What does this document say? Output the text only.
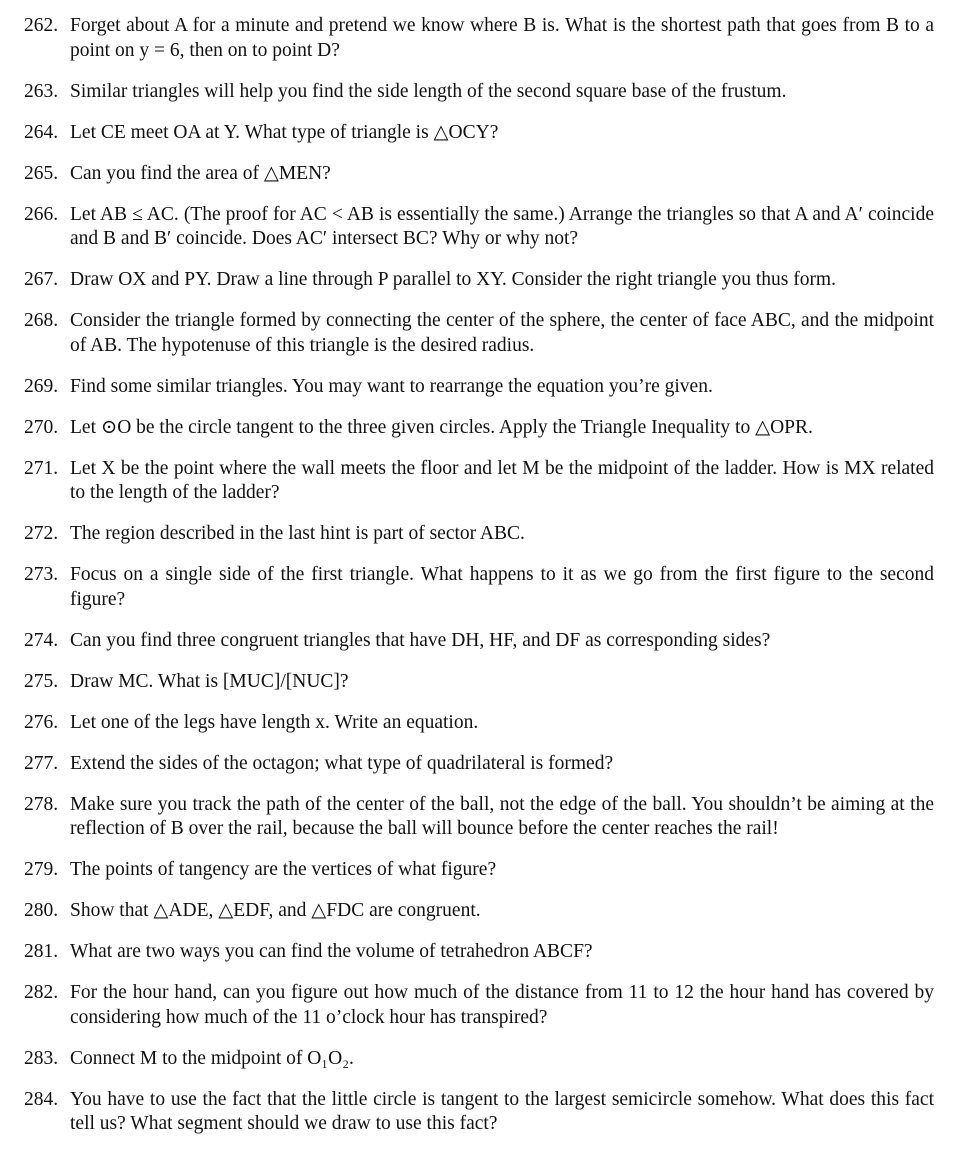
262. Forget about A for a minute and pretend we know where B is. What is the shortest path that goes from B to a point on y = 6, then on to point D?
263. Similar triangles will help you find the side length of the second square base of the frustum.
264. Let CE meet OA at Y. What type of triangle is △OCY?
265. Can you find the area of △MEN?
266. Let AB ≤ AC. (The proof for AC < AB is essentially the same.) Arrange the triangles so that A and A′ coincide and B and B′ coincide. Does AC′ intersect BC? Why or why not?
267. Draw OX and PY. Draw a line through P parallel to XY. Consider the right triangle you thus form.
268. Consider the triangle formed by connecting the center of the sphere, the center of face ABC, and the midpoint of AB. The hypotenuse of this triangle is the desired radius.
269. Find some similar triangles. You may want to rearrange the equation you’re given.
270. Let ⊙O be the circle tangent to the three given circles. Apply the Triangle Inequality to △OPR.
271. Let X be the point where the wall meets the floor and let M be the midpoint of the ladder. How is MX related to the length of the ladder?
272. The region described in the last hint is part of sector ABC.
273. Focus on a single side of the first triangle. What happens to it as we go from the first figure to the second figure?
274. Can you find three congruent triangles that have DH, HF, and DF as corresponding sides?
275. Draw MC. What is [MUC]/[NUC]?
276. Let one of the legs have length x. Write an equation.
277. Extend the sides of the octagon; what type of quadrilateral is formed?
278. Make sure you track the path of the center of the ball, not the edge of the ball. You shouldn’t be aiming at the reflection of B over the rail, because the ball will bounce before the center reaches the rail!
279. The points of tangency are the vertices of what figure?
280. Show that △ADE, △EDF, and △FDC are congruent.
281. What are two ways you can find the volume of tetrahedron ABCF?
282. For the hour hand, can you figure out how much of the distance from 11 to 12 the hour hand has covered by considering how much of the 11 o’clock hour has transpired?
283. Connect M to the midpoint of O₁O₂.
284. You have to use the fact that the little circle is tangent to the largest semicircle somehow. What does this fact tell us? What segment should we draw to use this fact?
